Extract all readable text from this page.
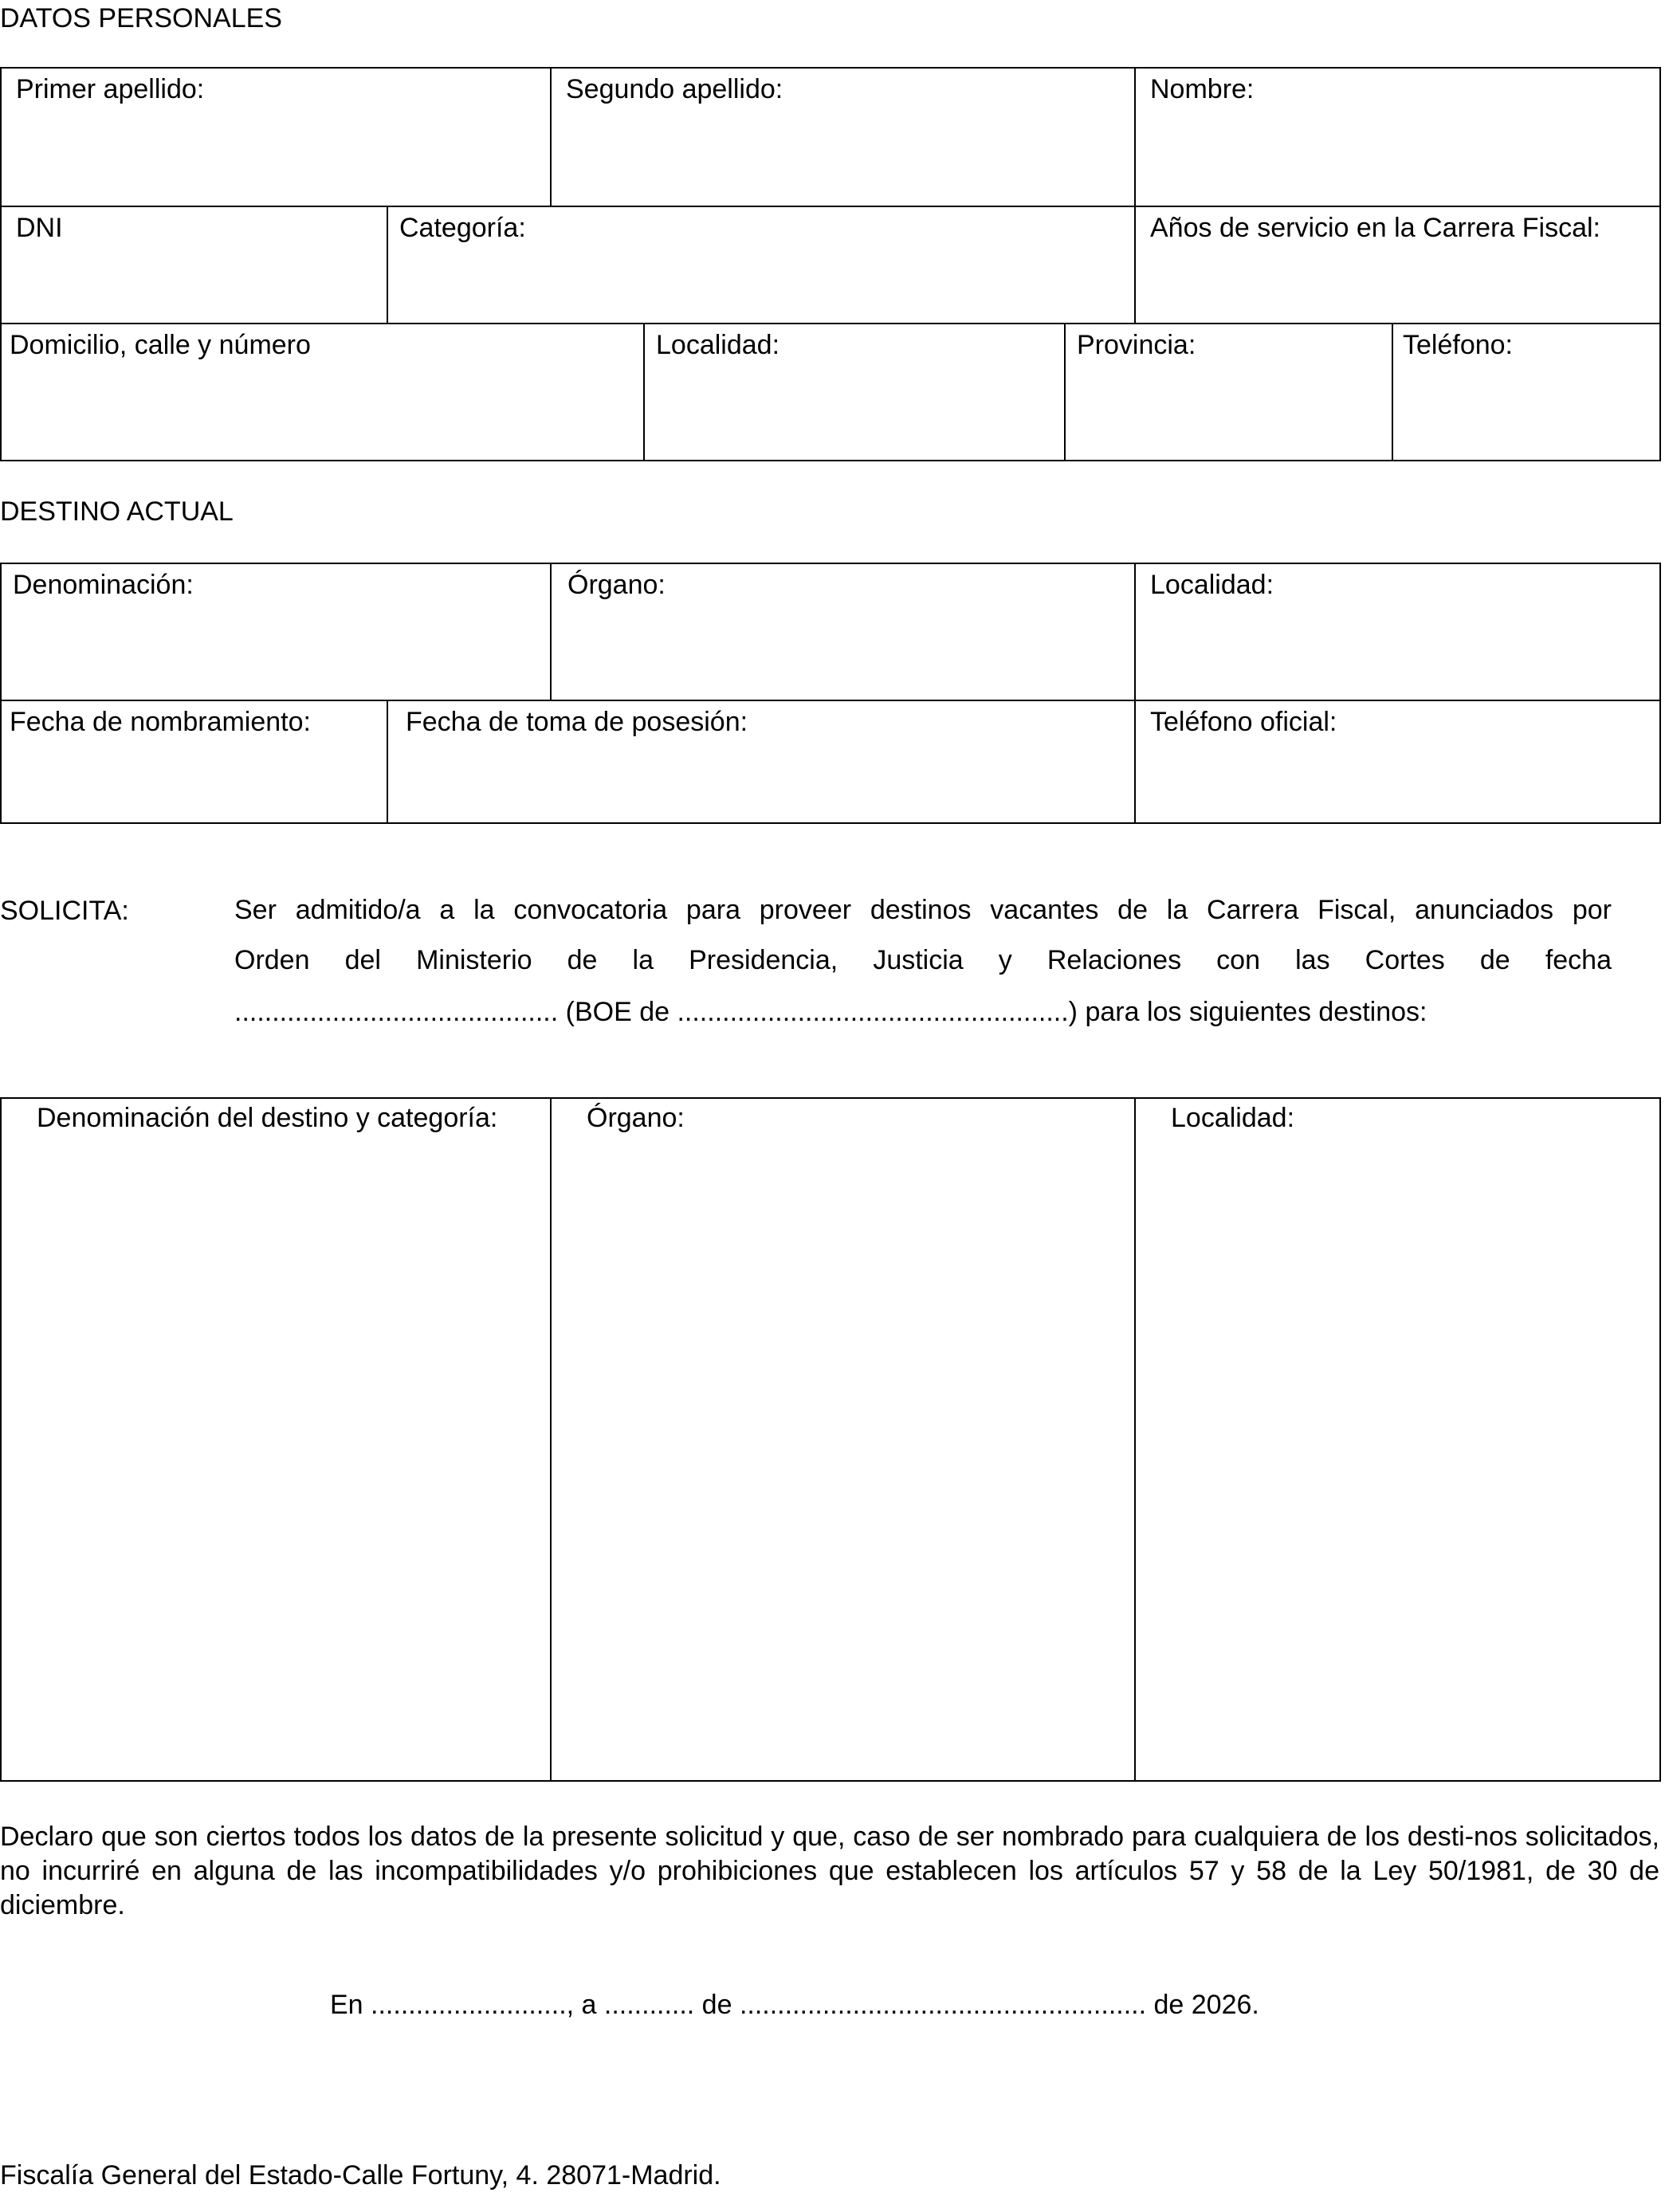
DATOS PERSONALES
Primer apellido:	Segundo apellido:	Nombre:
DNI	Categoría:	Años de servicio en la Carrera Fiscal:
Domicilio, calle y número	Localidad:	Provincia:	Teléfono:
DESTINO ACTUAL
Denominación:	Órgano:	Localidad:
Fecha de nombramiento:	Fecha de toma de posesión:	Teléfono oficial:
SOLICITA:	Ser admitido/a a la convocatoria para proveer destinos vacantes de la Carrera Fiscal, anunciados por
Orden del Ministerio de la Presidencia, Justicia y Relaciones con las Cortes de fecha
........................................... (BOE de ....................................................) para los siguientes destinos:
Denominación del destino y categoría:	Órgano:	Localidad:
Declaro que son ciertos todos los datos de la presente solicitud y que, caso de ser nombrado para cualquiera de los desti-nos solicitados, no incurriré en alguna de las incompatibilidades y/o prohibiciones que establecen los artículos 57 y 58 de la Ley 50/1981, de 30 de diciembre.
En .........................., a ............ de ...................................................... de 2026.
Fiscalía General del Estado-Calle Fortuny, 4. 28071-Madrid.
